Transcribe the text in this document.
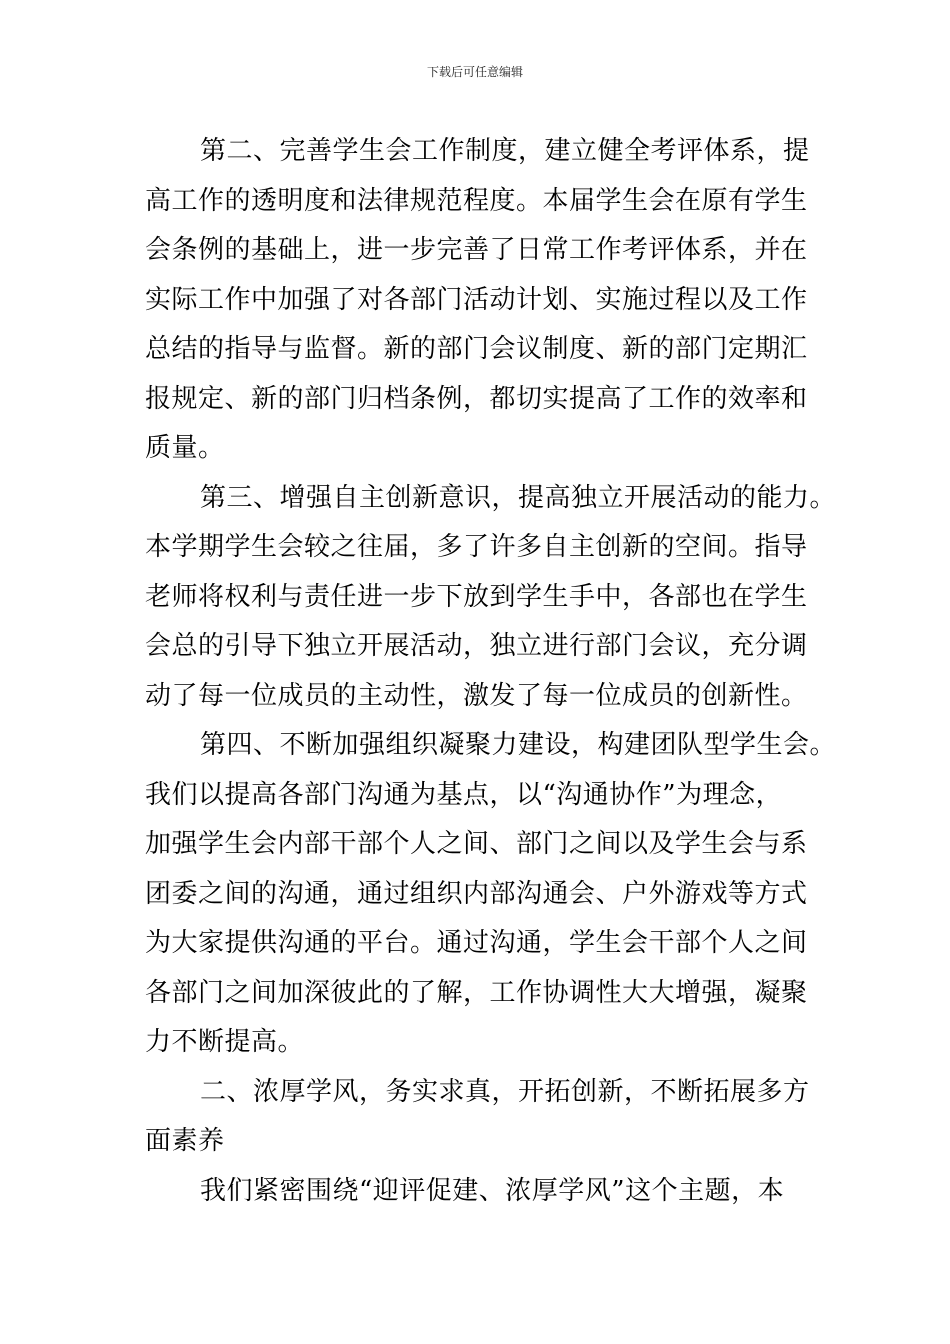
下载后可任意编辑
第二、完善学生会工作制度，建立健全考评体系，提
高工作的透明度和法律规范程度。本届学生会在原有学生
会条例的基础上，进一步完善了日常工作考评体系，并在
实际工作中加强了对各部门活动计划、实施过程以及工作
总结的指导与监督。新的部门会议制度、新的部门定期汇
报规定、新的部门归档条例，都切实提高了工作的效率和
质量。
第三、增强自主创新意识，提高独立开展活动的能力。
本学期学生会较之往届，多了许多自主创新的空间。指导
老师将权利与责任进一步下放到学生手中，各部也在学生
会总的引导下独立开展活动，独立进行部门会议，充分调
动了每一位成员的主动性，激发了每一位成员的创新性。
第四、不断加强组织凝聚力建设，构建团队型学生会。
我们以提高各部门沟通为基点，以“沟通协作”为理念，
加强学生会内部干部个人之间、部门之间以及学生会与系
团委之间的沟通，通过组织内部沟通会、户外游戏等方式
为大家提供沟通的平台。通过沟通，学生会干部个人之间
各部门之间加深彼此的了解，工作协调性大大增强，凝聚
力不断提高。
二、浓厚学风，务实求真，开拓创新，不断拓展多方
面素养
我们紧密围绕“迎评促建、浓厚学风”这个主题，本
